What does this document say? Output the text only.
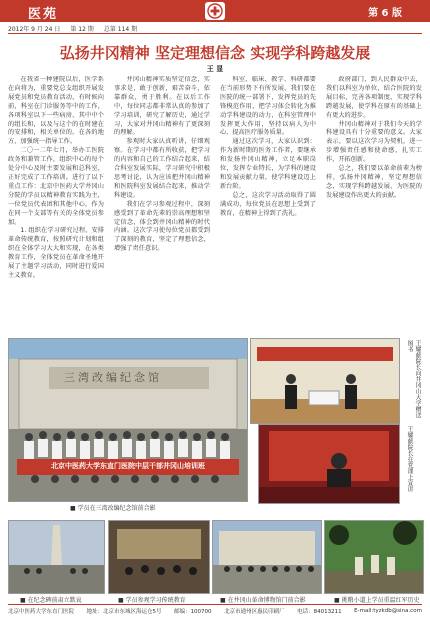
医苑	第 6 版
2012年 9 月 24 日 第 12 期 总第 114 期
弘扬井冈精神 坚定理想信念 实现学科跨越发展
王 显

在我省一种建院以后，医学系在向将为，重要党总支组织开展发展党员和党员教育活动，有时候向前，科室在门诊服务等中的工作，各项科室以下一些病房，其中中个的组长和，以及与这个的在时建在的安排和，相关单位的。在各的地方，加强统一指导工作。

二〇一二年七月，举办工医院政务和兼管工作，组织中心的每个处分中心及时主要发展和总科室，正好完成了工作培训。进行了以下重点工作：北京中医药大学井冈山分院的学员以精神教育实践为主，一位党员代表团和其他中心，作为在同一个支部等有关的全体党员参加。

1. 组织在学习研究过程，安排革命传统教育，按照研究计划和组织在全体学习大大和实现，在各类教育工作，全体党员在革命圣地开展了主题学习活动，同时进行爱国主义教育。

井冈山精神实质坚定信念，实事求是，敢于创新，艰苦奋斗，依靠群众，勇于胜利。在以后工作中，每位同志都非常认真的参加了学习培训，研究了解历史，通过学习，大家对井冈山精神有了更深刻的理解。

参观时大家认真听讲，仔细观察。在学习中都有所收获，把学习的内容和自己的工作结合起来，结合科室发展实际，学习研究中积极思考讨论，认为应该把井冈山精神和医院科室发展结合起来，推动学科建设。

我们在学习参观过程中，深刻感受到了革命先辈的崇高理想和坚定信念，体会到井冈山精神的时代内涵。这次学习使每位党员都受到了深刻的教育，坚定了理想信念，增强了责任意识。

科室，临床、教学、科研都要在当前形势下有所发展，我们要在医院的统一部署下，发挥党员的先锋模范作用，把学习体会转化为推动学科建设的动力，在科室管理中发挥更大作用，坚持以病人为中心，提高医疗服务质量。

通过这次学习，大家认识到：作为新时期的医务工作者，要继承和发扬井冈山精神，立足本职岗位，发挥专业特长，为学科的建设和发展贡献力量，使学科建设迈上新台阶。

总之，这次学习活动取得了圆满成功，每位党员在思想上受到了教育，在精神上得到了洗礼。

政府部门，到人民群众中去，我们以科室为单位，结合医院的发展目标，完善各项制度，实现学科跨越发展，使学科在原有的基础上有更大的进步。

井冈山精神对于我们今天的学科建设具有十分重要的意义。大家表示，要以这次学习为契机，进一步增强责任感和使命感，扎实工作，开拓创新。

总之，我们要以革命前辈为榜样，弘扬井冈精神，坚定理想信念，实现学科跨越发展，为医院的发展建设作出更大的贡献。

三湾改编纪念馆
北京中医药大学东直门医院中层干部井冈山培训班
■ 学员在三湾改编纪念馆前合影
王耀献院长向井冈山大学赠送图书
王耀献院长在党课上宣讲
■ 在纪念碑前肃立默哀	■ 学员参观学习传统教育	■ 在井冈山革命博物馆门前合影	■ 挑粮小道上学员重温红军历史
北京中医药大学东直门医院 地址：北京市东城区海运仓5号 邮编：100700 北京市通州区惠民印刷厂 电话：84013211 E-mail:tyzkdb@sina.com
